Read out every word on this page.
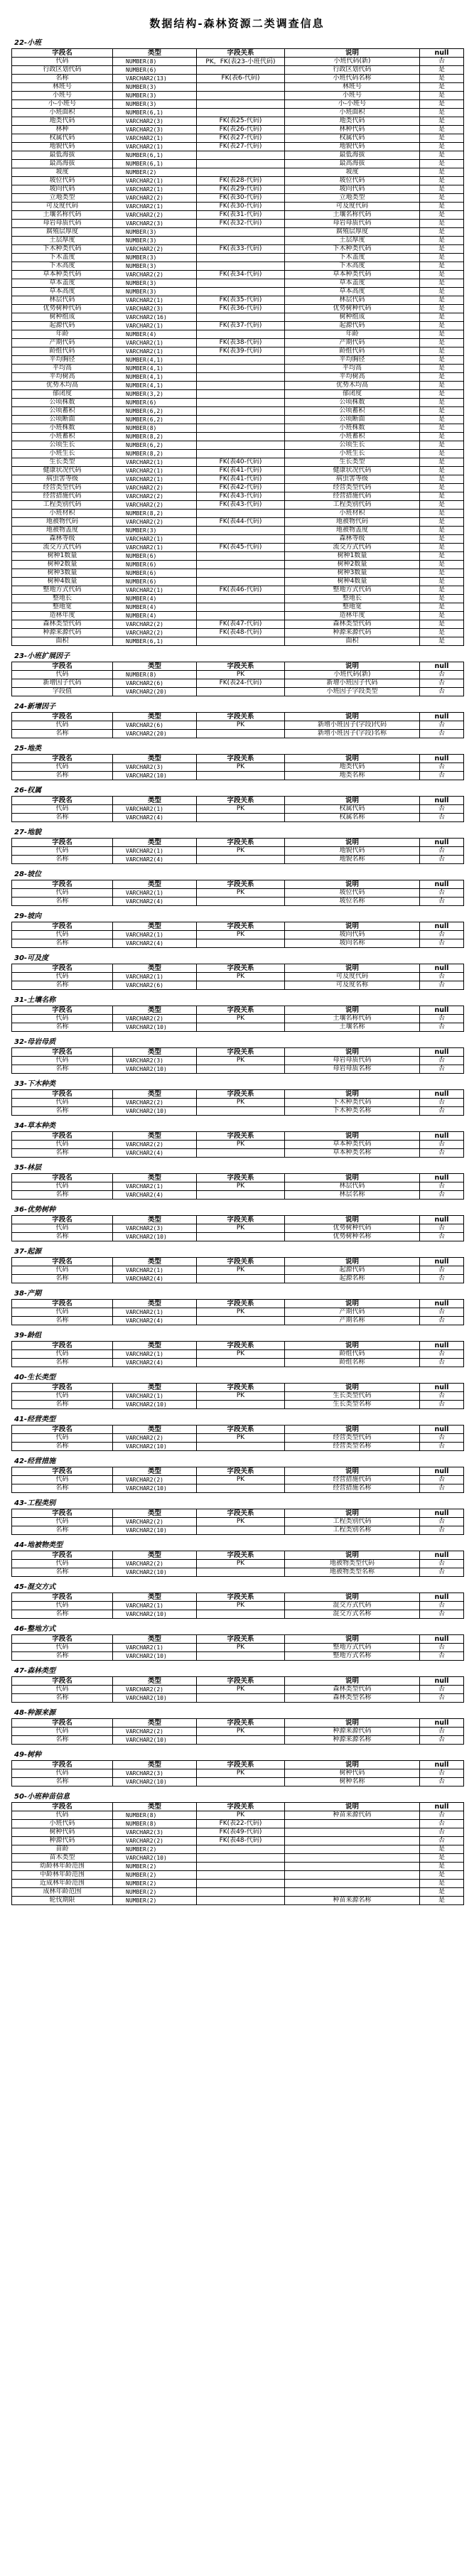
数据结构-森林资源二类调查信息
22-小班
字段名	类型	字段关系	说明	null
代码	NUMBER(8)	PK，FK(表23-小班代码)	小班代码(新)	否
行政区划代码	NUMBER(6)		行政区划代码	是
名称	VARCHAR2(13)	FK(表6-代码)	小班代码名称	是
林班号	NUMBER(3)		林班号	是
小班号	NUMBER(3)		小班号	是
小-小班号	NUMBER(3)		小-小班号	是
小班面积	NUMBER(6,1)		小班面积	是
地类代码	VARCHAR2(3)	FK(表25-代码)	地类代码	是
林种	VARCHAR2(3)	FK(表26-代码)	林种代码	是
权属代码	VARCHAR2(1)	FK(表27-代码)	权属代码	是
地貌代码	VARCHAR2(1)	FK(表27-代码)	地貌代码	是
最低海拔	NUMBER(6,1)		最低海拔	是
最高海拔	NUMBER(6,1)		最高海拔	是
坡度	NUMBER(2)		坡度	是
坡位代码	VARCHAR2(1)	FK(表28-代码)	坡位代码	是
坡向代码	VARCHAR2(1)	FK(表29-代码)	坡向代码	是
立地类型	VARCHAR2(2)	FK(表30-代码)	立地类型	是
可及度代码	VARCHAR2(1)	FK(表30-代码)	可及度代码	是
土壤名称代码	VARCHAR2(2)	FK(表31-代码)	土壤名称代码	是
母岩母质代码	VARCHAR2(3)	FK(表32-代码)	母岩母质代码	是
腐殖层厚度	NUMBER(3)		腐殖层厚度	是
土层厚度	NUMBER(3)		土层厚度	是
下木种类代码	VARCHAR2(2)	FK(表33-代码)	下木种类代码	是
下木盖度	NUMBER(3)		下木盖度	是
下木高度	NUMBER(3)		下木高度	是
草本种类代码	VARCHAR2(2)	FK(表34-代码)	草本种类代码	是
草本盖度	NUMBER(3)		草本盖度	是
草本高度	NUMBER(3)		草本高度	是
林层代码	VARCHAR2(1)	FK(表35-代码)	林层代码	是
优势树种代码	VARCHAR2(3)	FK(表36-代码)	优势树种代码	是
树种组成	VARCHAR2(16)		树种组成	是
起源代码	VARCHAR2(1)	FK(表37-代码)	起源代码	是
年龄	NUMBER(4)		年龄	是
产期代码	VARCHAR2(1)	FK(表38-代码)	产期代码	是
龄组代码	VARCHAR2(1)	FK(表39-代码)	龄组代码	是
平均胸径	NUMBER(4,1)		平均胸径	是
平均高	NUMBER(4,1)		平均高	是
平均树高	NUMBER(4,1)		平均树高	是
优势木均高	NUMBER(4,1)		优势木均高	是
郁闭度	NUMBER(3,2)		郁闭度	是
公顷株数	NUMBER(6)		公顷株数	是
公顷蓄积	NUMBER(6,2)		公顷蓄积	是
公顷断面	NUMBER(6,2)		公顷断面	是
小班株数	NUMBER(8)		小班株数	是
小班蓄积	NUMBER(8,2)		小班蓄积	是
公顷生长	NUMBER(6,2)		公顷生长	是
小班生长	NUMBER(8,2)		小班生长	是
生长类型	VARCHAR2(1)	FK(表40-代码)	生长类型	是
健康状况代码	VARCHAR2(1)	FK(表41-代码)	健康状况代码	是
病虫害等级	VARCHAR2(1)	FK(表41-代码)	病虫害等级	是
经营类型代码	VARCHAR2(2)	FK(表42-代码)	经营类型代码	是
经营措施代码	VARCHAR2(2)	FK(表43-代码)	经营措施代码	是
工程类别代码	VARCHAR2(2)	FK(表43-代码)	工程类别代码	是
小班材积	NUMBER(8,2)		小班材积	是
地被物代码	VARCHAR2(2)	FK(表44-代码)	地被物代码	是
地被物盖度	NUMBER(3)		地被物盖度	是
森林等级	VARCHAR2(1)		森林等级	是
流交方式代码	VARCHAR2(1)	FK(表45-代码)	流交方式代码	是
树种1数量	NUMBER(6)		树种1数量	是
树种2数量	NUMBER(6)		树种2数量	是
树种3数量	NUMBER(6)		树种3数量	是
树种4数量	NUMBER(6)		树种4数量	是
整地方式代码	VARCHAR2(1)	FK(表46-代码)	整地方式代码	是
整地长	NUMBER(4)		整地长	是
整地宽	NUMBER(4)		整地宽	是
造林年度	NUMBER(4)		造林年度	是
森林类型代码	VARCHAR2(2)	FK(表47-代码)	森林类型代码	是
种源来源代码	VARCHAR2(2)	FK(表48-代码)	种源来源代码	是
面积	NUMBER(6,1)		面积	是
23-小班扩展因子
字段名	类型	字段关系	说明	null
代码	NUMBER(8)	PK	小班代码(新)	否
新增因子代码	VARCHAR2(6)	FK(表24-代码)	新增小班因子代码	否
字段值	VARCHAR2(20)		小班因子字段类型	否
24-新增因子
字段名	类型	字段关系	说明	null
代码	VARCHAR2(6)	PK	新增小班因子(字段)代码	否
名称	VARCHAR2(20)		新增小班因子(字段)名称	否
25-地类
字段名	类型	字段关系	说明	null
代码	VARCHAR2(3)	PK	地类代码	否
名称	VARCHAR2(10)		地类名称	否
26-权属
字段名	类型	字段关系	说明	null
代码	VARCHAR2(1)	PK	权属代码	否
名称	VARCHAR2(4)		权属名称	否
27-地貌
字段名	类型	字段关系	说明	null
代码	VARCHAR2(1)	PK	地貌代码	否
名称	VARCHAR2(4)		地貌名称	否
28-坡位
字段名	类型	字段关系	说明	null
代码	VARCHAR2(1)	PK	坡位代码	否
名称	VARCHAR2(4)		坡位名称	否
29-坡向
字段名	类型	字段关系	说明	null
代码	VARCHAR2(1)	PK	坡向代码	否
名称	VARCHAR2(4)		坡向名称	否
30-可及度
字段名	类型	字段关系	说明	null
代码	VARCHAR2(1)	PK	可及度代码	否
名称	VARCHAR2(6)		可及度名称	否
31-土壤名称
字段名	类型	字段关系	说明	null
代码	VARCHAR2(2)	PK	土壤名称代码	否
名称	VARCHAR2(10)		土壤名称	否
32-母岩母质
字段名	类型	字段关系	说明	null
代码	VARCHAR2(3)	PK	母岩母质代码	否
名称	VARCHAR2(10)		母岩母质名称	否
33-下木种类
字段名	类型	字段关系	说明	null
代码	VARCHAR2(2)	PK	下木种类代码	否
名称	VARCHAR2(10)		下木种类名称	否
34-草本种类
字段名	类型	字段关系	说明	null
代码	VARCHAR2(2)	PK	草本种类代码	否
名称	VARCHAR2(4)		草本种类名称	否
35-林层
字段名	类型	字段关系	说明	null
代码	VARCHAR2(1)	PK	林层代码	否
名称	VARCHAR2(4)		林层名称	否
36-优势树种
字段名	类型	字段关系	说明	null
代码	VARCHAR2(3)	PK	优势树种代码	否
名称	VARCHAR2(10)		优势树种名称	否
37-起源
字段名	类型	字段关系	说明	null
代码	VARCHAR2(1)	PK	起源代码	否
名称	VARCHAR2(4)		起源名称	否
38-产期
字段名	类型	字段关系	说明	null
代码	VARCHAR2(1)	PK	产期代码	否
名称	VARCHAR2(4)		产期名称	否
39-龄组
字段名	类型	字段关系	说明	null
代码	VARCHAR2(1)	PK	龄组代码	否
名称	VARCHAR2(4)		龄组名称	否
40-生长类型
字段名	类型	字段关系	说明	null
代码	VARCHAR2(1)	PK	生长类型代码	否
名称	VARCHAR2(10)		生长类型名称	否
41-经营类型
字段名	类型	字段关系	说明	null
代码	VARCHAR2(2)	PK	经营类型代码	否
名称	VARCHAR2(10)		经营类型名称	否
42-经营措施
字段名	类型	字段关系	说明	null
代码	VARCHAR2(2)	PK	经营措施代码	否
名称	VARCHAR2(10)		经营措施名称	否
43-工程类别
字段名	类型	字段关系	说明	null
代码	VARCHAR2(2)	PK	工程类别代码	否
名称	VARCHAR2(10)		工程类别名称	否
44-地被物类型
字段名	类型	字段关系	说明	null
代码	VARCHAR2(2)	PK	地被物类型代码	否
名称	VARCHAR2(10)		地被物类型名称	否
45-混交方式
字段名	类型	字段关系	说明	null
代码	VARCHAR2(1)	PK	混交方式代码	否
名称	VARCHAR2(10)		混交方式名称	否
46-整地方式
字段名	类型	字段关系	说明	null
代码	VARCHAR2(1)	PK	整地方式代码	否
名称	VARCHAR2(10)		整地方式名称	否
47-森林类型
字段名	类型	字段关系	说明	null
代码	VARCHAR2(2)	PK	森林类型代码	否
名称	VARCHAR2(10)		森林类型名称	否
48-种源来源
字段名	类型	字段关系	说明	null
代码	VARCHAR2(2)	PK	种源来源代码	否
名称	VARCHAR2(10)		种源来源名称	否
49-树种
字段名	类型	字段关系	说明	null
代码	VARCHAR2(3)	PK	树种代码	否
名称	VARCHAR2(10)		树种名称	否
50-小班种苗信息
字段名	类型	字段关系	说明	null
代码	NUMBER(8)	PK	种苗来源代码	否
小班代码	NUMBER(8)	FK(表22-代码)		否
树种代码	VARCHAR2(3)	FK(表49-代码)		否
种源代码	VARCHAR2(2)	FK(表48-代码)		否
苗龄	NUMBER(2)			是
苗木类型	VARCHAR2(10)			是
幼龄林年龄范围	NUMBER(2)			是
中龄林年龄范围	NUMBER(2)			是
近成林年龄范围	NUMBER(2)			是
成林年龄范围	NUMBER(2)			是
轮伐期限	NUMBER(2)		种苗来源名称	是
